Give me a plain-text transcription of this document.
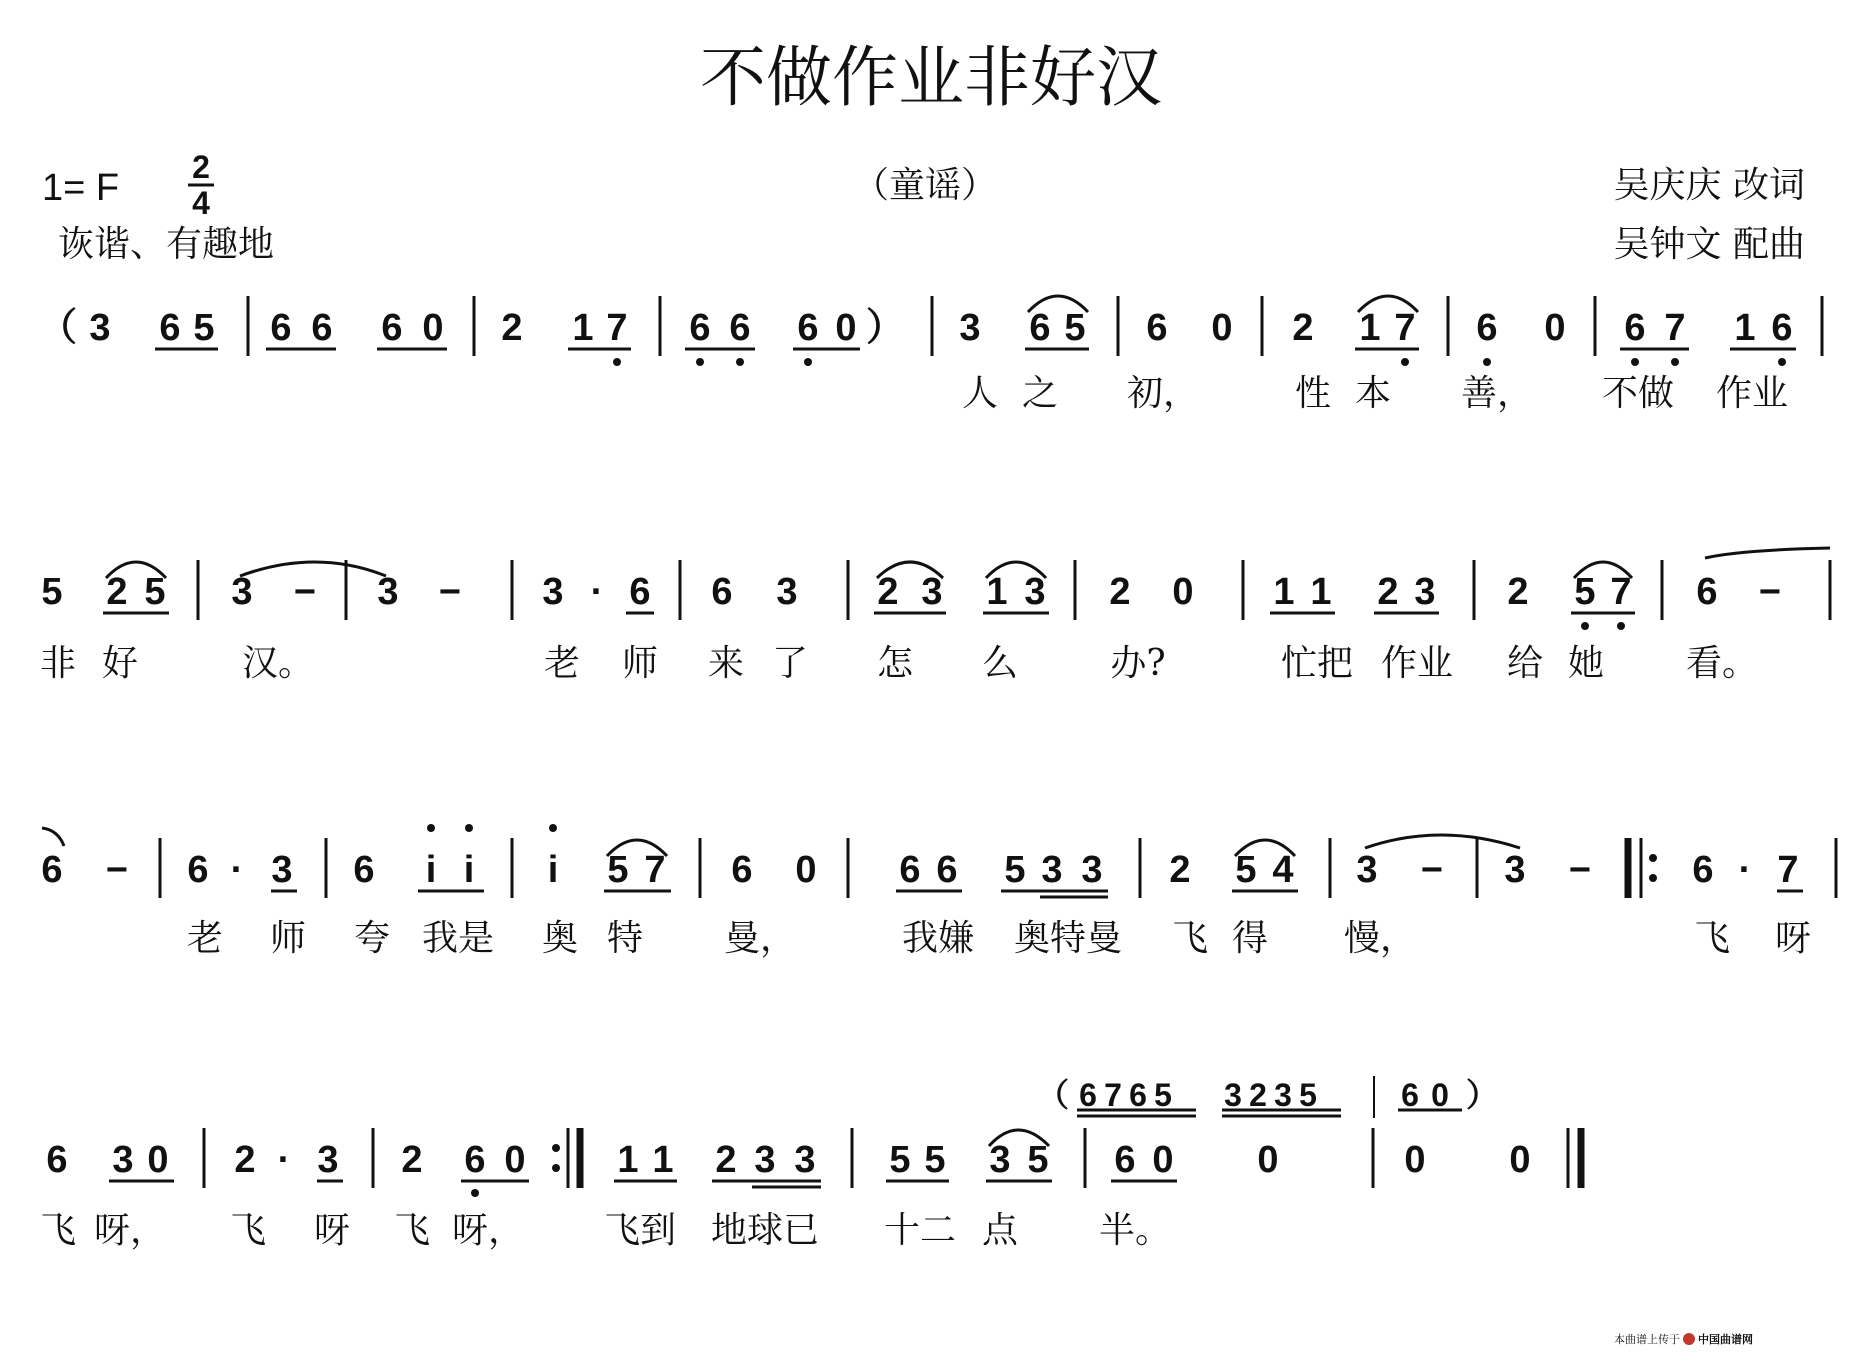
不做作业非好汉
1= F 2
4	（童谣）
诙谐、有趣地
吴庆庆 改词
吴钟文 配曲
（ 3 6 5 6 6 6 0 2 1 7 6 6 6 0 ） 3 6 5 6 0 2 1 7 6 0 6 7 1 6
人 之 初，	性 本 善， 不做 作业
5 2 5 3 − 3 − 3 · 6 6 3 2 3 1 3 2 0 1 1 2 3 2 5 7 6 −
非 好	汉。	老 师 来 了 怎 么	办?	忙把 作业 给 她 看。
6 − 6 · 3 6 i i i 5 7 6 0 6 6 5 3 3 2 5 4 3 − 3 −	6 · 7
老 师 夸 我是 奥 特 曼，	我嫌 奥特曼 飞 得 慢，	飞 呀
（ 6 7 6 5 3 2 3 5	6 0 ）
6 3 0 2 · 3 2 6 0 1 1 2 3 3 5 5 3 5 6 0 0	0 0
飞 呀， 飞 呀 飞 呀， 飞到 地球已 十二 点 半。
本曲谱上传于 中国曲谱网
